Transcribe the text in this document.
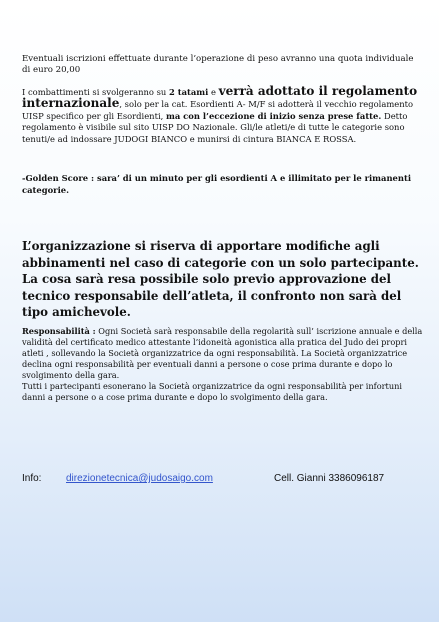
Eventuali iscrizioni effettuate durante l’operazione di peso avranno una quota individuale di euro 20,00

I combattimenti si svolgeranno su 2 tatami e verrà adottato il regolamento internazionale, solo per la cat. Esordienti A- M/F si adotterà il vecchio regolamento UISP specifico per gli Esordienti, ma con l’eccezione di inizio senza prese fatte. Detto regolamento è visibile sul sito UISP DO Nazionale. Gli/le atleti/e di tutte le categorie sono tenuti/e ad indossare JUDOGI BIANCO e munirsi di cintura BIANCA E ROSSA.

-Golden Score : sara’ di un minuto per gli esordienti A e illimitato per le rimanenti categorie.

L’organizzazione si riserva di apportare modifiche agli abbinamenti nel caso di categorie con un solo partecipante. La cosa sarà resa possibile solo previo approvazione del tecnico responsabile dell’atleta, il confronto non sarà del tipo amichevole.

Responsabilità : Ogni Società sarà responsabile della regolarità sull’ iscrizione annuale e della validità del certificato medico attestante l’idoneità agonistica alla pratica del Judo dei propri atleti , sollevando la Società organizzatrice da ogni responsabilità. La Società organizzatrice declina ogni responsabilità per eventuali danni a persone o cose prima durante e dopo lo svolgimento della gara.
Tutti i partecipanti esonerano la Società organizzatrice da ogni responsabilità per infortuni danni a persone o a cose prima durante e dopo lo svolgimento della gara.

Info: direzionetecnica@judosaigo.com	Cell. Gianni 3386096187
